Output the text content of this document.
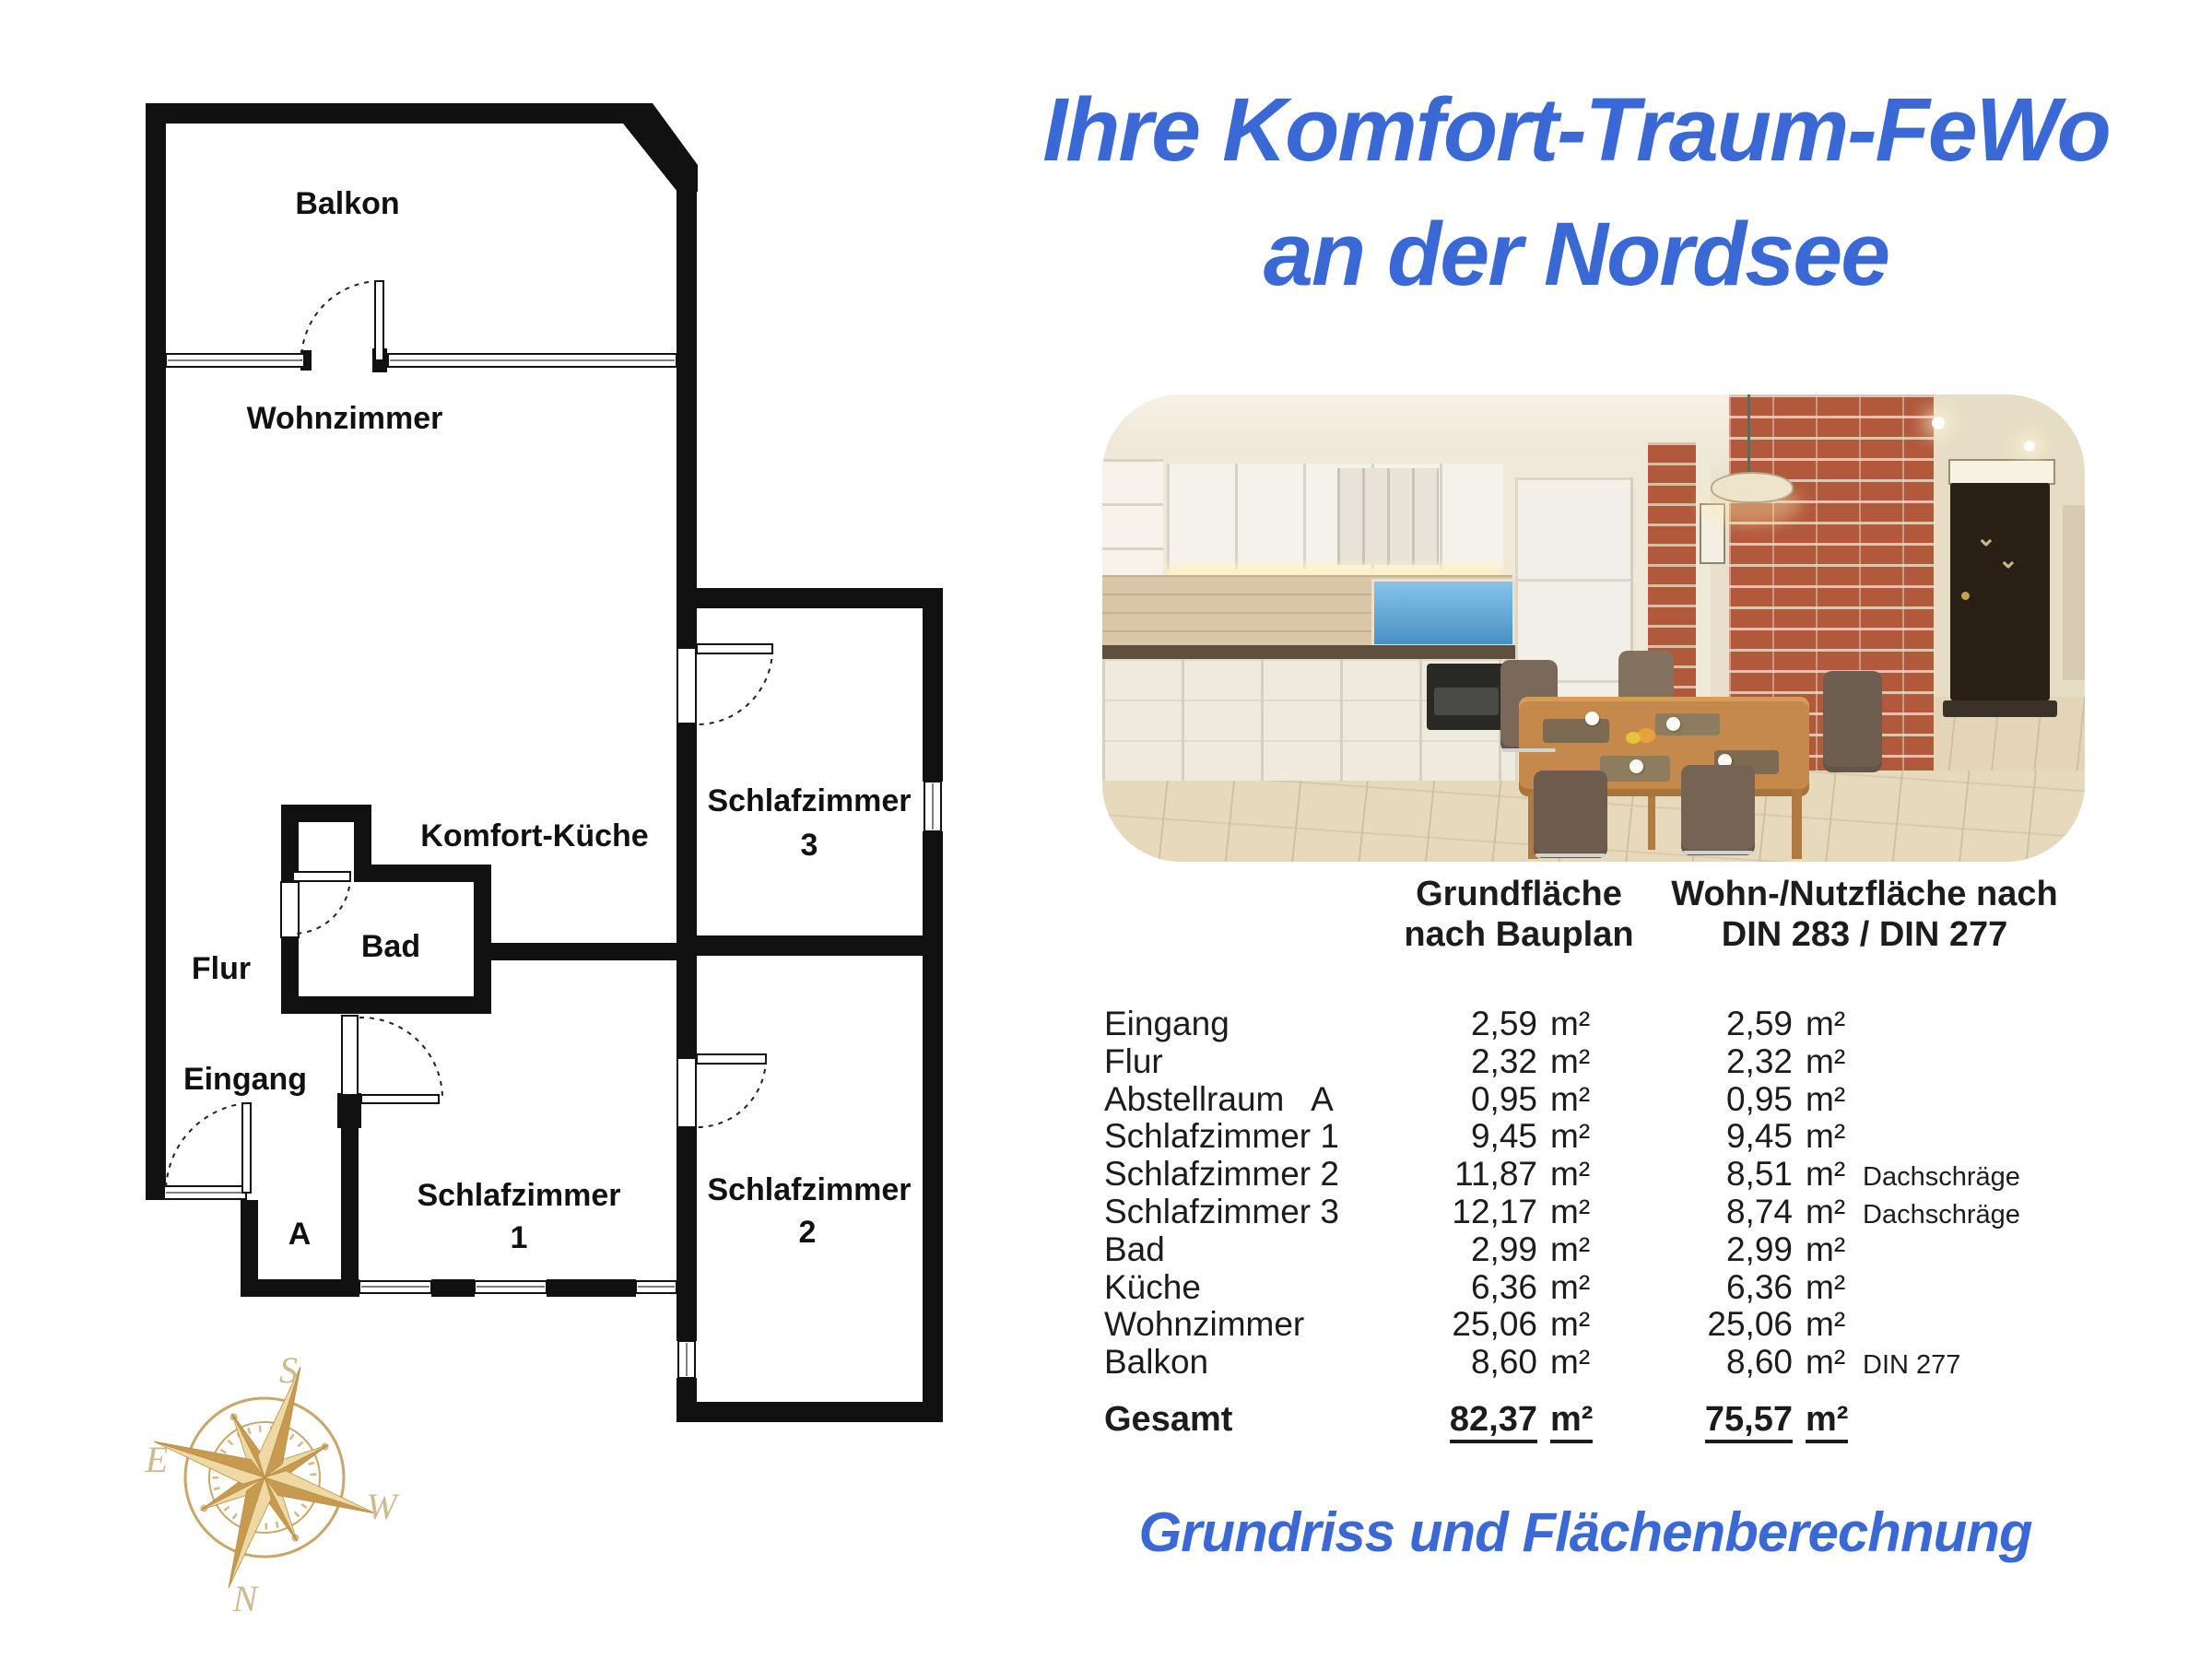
Balkon
Wohnzimmer
Komfort-Küche
Schlafzimmer
3
Bad
Flur
Eingang
A
Schlafzimmer
1
Schlafzimmer
2
S
E
W
N
Ihre Komfort-Traum-FeWo
an der Nordsee
⌄
⌄
Grundfläche
nach Bauplan
Wohn-/Nutzfläche nach
DIN 283 / DIN 277
Eingang	2,59 m²	2,59 m²
Flur	2,32 m²	2,32 m²
Abstellraum   A	0,95 m²	0,95 m²
Schlafzimmer 1	9,45 m²	9,45 m²
Schlafzimmer 2	11,87 m²	8,51 m² Dachschräge
Schlafzimmer 3	12,17 m²	8,74 m² Dachschräge
Bad	2,99 m²	2,99 m²
Küche	6,36 m²	6,36 m²
Wohnzimmer	25,06 m²	25,06 m²
Balkon	8,60 m²	8,60 m² DIN 277
Gesamt	82,37 m²	75,57 m²
Grundriss und Flächenberechnung
